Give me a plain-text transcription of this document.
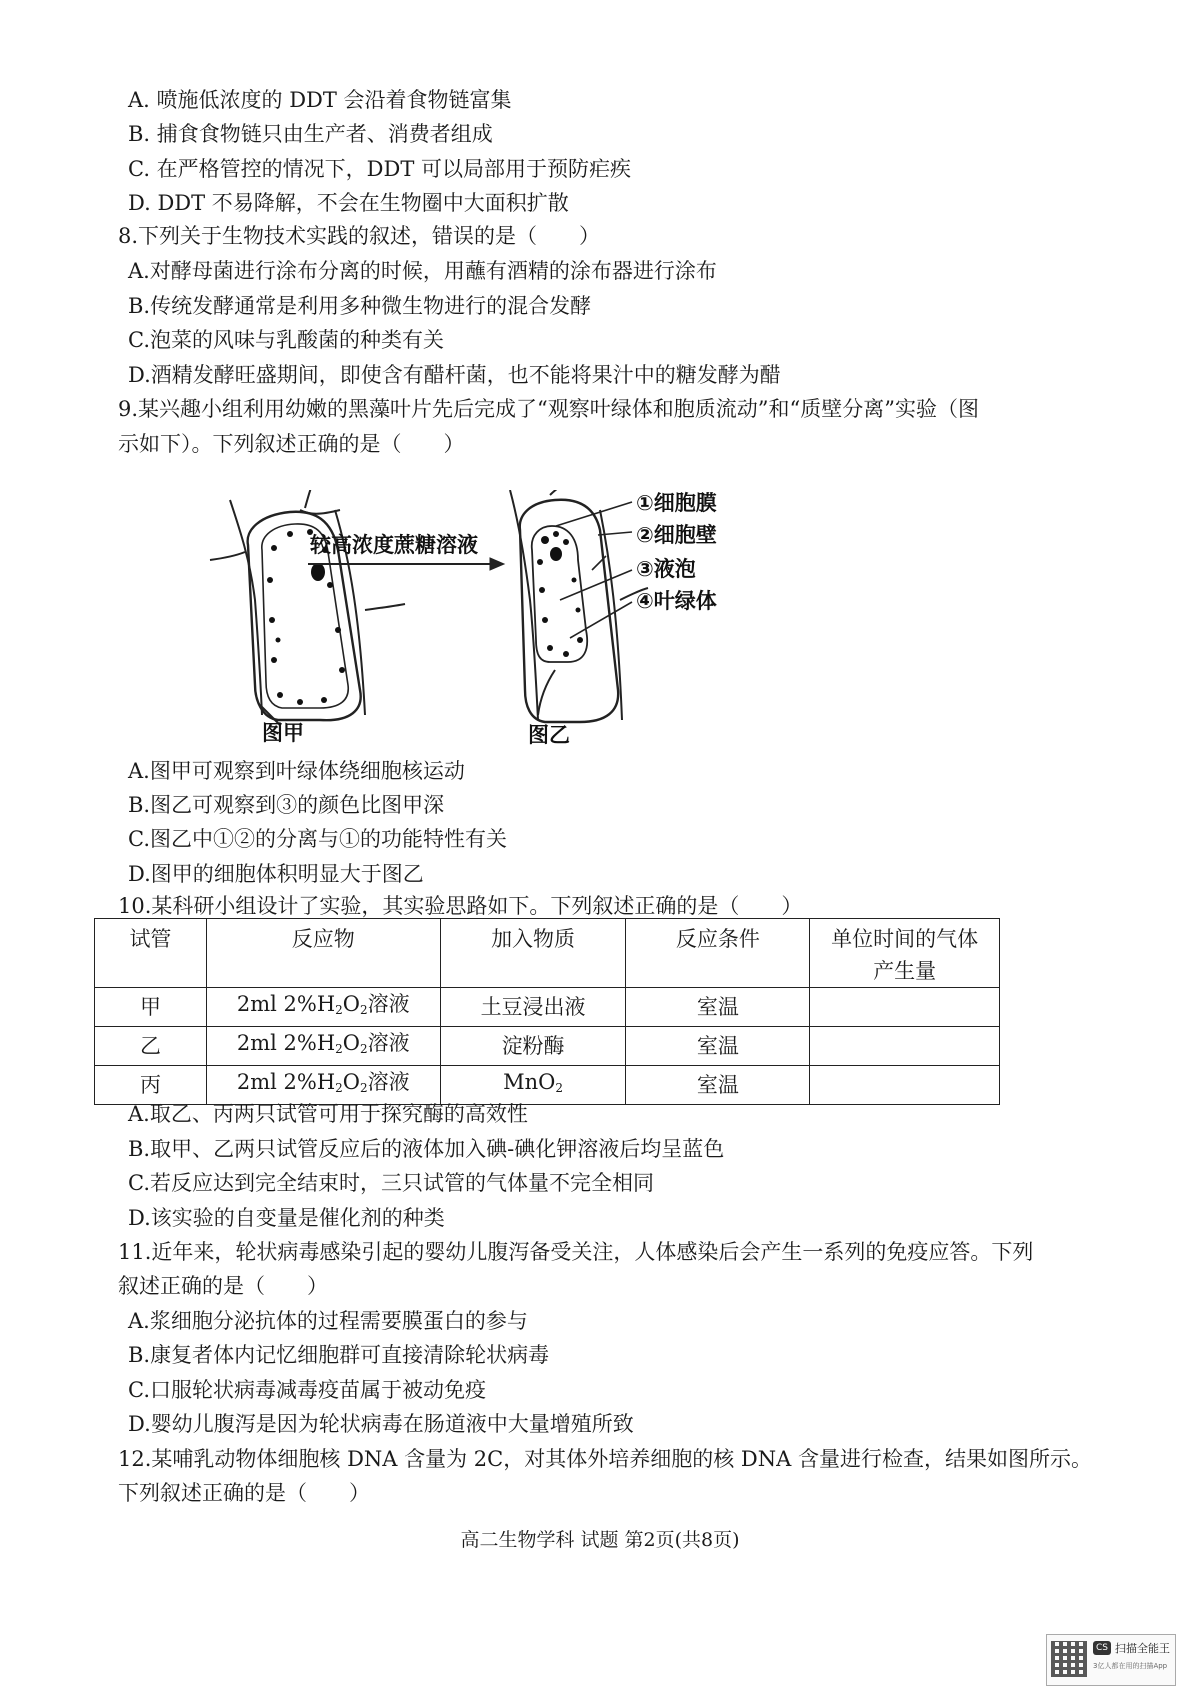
A. 喷施低浓度的 DDT 会沿着食物链富集
B. 捕食食物链只由生产者、消费者组成
C. 在严格管控的情况下，DDT 可以局部用于预防疟疾
D. DDT 不易降解，不会在生物圈中大面积扩散
8.下列关于生物技术实践的叙述，错误的是（　　）
A.对酵母菌进行涂布分离的时候，用蘸有酒精的涂布器进行涂布
B.传统发酵通常是利用多种微生物进行的混合发酵
C.泡菜的风味与乳酸菌的种类有关
D.酒精发酵旺盛期间，即使含有醋杆菌，也不能将果汁中的糖发酵为醋
9.某兴趣小组利用幼嫩的黑藻叶片先后完成了“观察叶绿体和胞质流动”和“质壁分离”实验（图
示如下）。下列叙述正确的是（　　）
图甲
较高浓度蔗糖溶液
图乙
①细胞膜
②细胞壁
③液泡
④叶绿体
A.图甲可观察到叶绿体绕细胞核运动
B.图乙可观察到③的颜色比图甲深
C.图乙中①②的分离与①的功能特性有关
D.图甲的细胞体积明显大于图乙
10.某科研小组设计了实验，其实验思路如下。下列叙述正确的是（　　）
试管	反应物	加入物质	反应条件	单位时间的气体
产生量
甲	2ml $2\%H_2O_2$溶液	土豆浸出液	室温	
乙	2ml $2\%H_2O_2$溶液	淀粉酶	室温	
丙	2ml $2\%H_2O_2$溶液	MnO$_2$	室温	
A.取乙、丙两只试管可用于探究酶的高效性
B.取甲、乙两只试管反应后的液体加入碘-碘化钾溶液后均呈蓝色
C.若反应达到完全结束时，三只试管的气体量不完全相同
D.该实验的自变量是催化剂的种类
11.近年来，轮状病毒感染引起的婴幼儿腹泻备受关注，人体感染后会产生一系列的免疫应答。下列
叙述正确的是（　　）
A.浆细胞分泌抗体的过程需要膜蛋白的参与
B.康复者体内记忆细胞群可直接清除轮状病毒
C.口服轮状病毒减毒疫苗属于被动免疫
D.婴幼儿腹泻是因为轮状病毒在肠道液中大量增殖所致
12.某哺乳动物体细胞核 DNA 含量为 2C，对其体外培养细胞的核 DNA 含量进行检查，结果如图所示。
下列叙述正确的是（　　）
高二生物学科 试题 第2页(共8页)
CS 扫描全能王
3亿人都在用的扫描App
